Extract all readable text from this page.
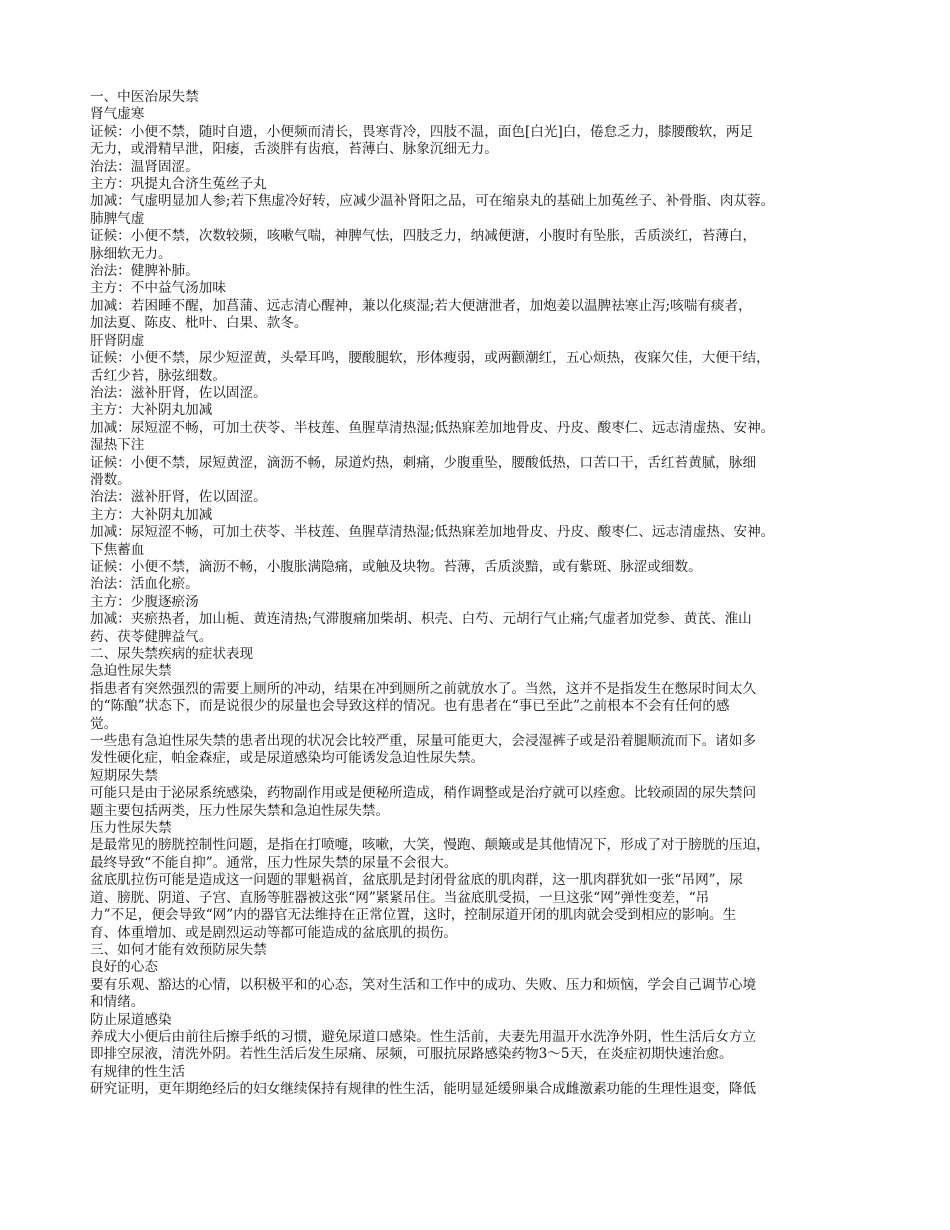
一、中医治尿失禁
肾气虚寒
证候：小便不禁，随时自遗，小便频而清长，畏寒背冷，四肢不温，面色[白光]白，倦怠乏力，膝腰酸软，两足
无力，或滑精早泄，阳痿，舌淡胖有齿痕，苔薄白、脉象沉细无力。
治法：温肾固涩。
主方：巩提丸合济生菟丝子丸
加减：气虚明显加人参;若下焦虚冷好转，应减少温补肾阳之品，可在缩泉丸的基础上加菟丝子、补骨脂、肉苁蓉。
肺脾气虚
证候：小便不禁，次数较频，咳嗽气喘，神脾气怯，四肢乏力，纳减便溏，小腹时有坠胀，舌质淡红，苔薄白，
脉细软无力。
治法：健脾补肺。
主方：不中益气汤加味
加减：若困睡不醒，加菖蒲、远志清心醒神，兼以化痰湿;若大便溏泄者，加炮姜以温脾祛寒止泻;咳喘有痰者，
加法夏、陈皮、枇叶、白果、款冬。
肝肾阴虚
证候：小便不禁，尿少短涩黄，头晕耳鸣，腰酸腿软，形体瘦弱，或两颧潮红，五心烦热，夜寐欠佳，大便干结，
舌红少苔，脉弦细数。
治法：滋补肝肾，佐以固涩。
主方：大补阴丸加减
加减：尿短涩不畅，可加土茯苓、半枝莲、鱼腥草清热湿;低热寐差加地骨皮、丹皮、酸枣仁、远志清虚热、安神。
湿热下注
证候：小便不禁，尿短黄涩，滴沥不畅，尿道灼热，刺痛，少腹重坠，腰酸低热，口苦口干，舌红苔黄腻，脉细
滑数。
治法：滋补肝肾，佐以固涩。
主方：大补阴丸加减
加减：尿短涩不畅，可加土茯苓、半枝莲、鱼腥草清热湿;低热寐差加地骨皮、丹皮、酸枣仁、远志清虚热、安神。
下焦蓄血
证候：小便不禁，滴沥不畅，小腹胀满隐痛，或触及块物。苔薄，舌质淡黯，或有紫斑、脉涩或细数。
治法：活血化瘀。
主方：少腹逐瘀汤
加减：夹瘀热者，加山栀、黄连清热;气滞腹痛加柴胡、枳壳、白芍、元胡行气止痛;气虚者加党参、黄芪、淮山
药、茯苓健脾益气。
二、尿失禁疾病的症状表现
急迫性尿失禁
指患者有突然强烈的需要上厕所的冲动，结果在冲到厕所之前就放水了。当然，这并不是指发生在憋尿时间太久
的“陈酿”状态下，而是说很少的尿量也会导致这样的情况。也有患者在“事已至此”之前根本不会有任何的感
觉。
一些患有急迫性尿失禁的患者出现的状况会比较严重，尿量可能更大，会浸湿裤子或是沿着腿顺流而下。诸如多
发性硬化症，帕金森症，或是尿道感染均可能诱发急迫性尿失禁。
短期尿失禁
可能只是由于泌尿系统感染，药物副作用或是便秘所造成，稍作调整或是治疗就可以痊愈。比较顽固的尿失禁问
题主要包括两类，压力性尿失禁和急迫性尿失禁。
压力性尿失禁
是最常见的膀胱控制性问题，是指在打喷嚏，咳嗽，大笑，慢跑、颠簸或是其他情况下，形成了对于膀胱的压迫，
最终导致“不能自抑”。通常，压力性尿失禁的尿量不会很大。
盆底肌拉伤可能是造成这一问题的罪魁祸首，盆底肌是封闭骨盆底的肌肉群，这一肌肉群犹如一张“吊网”，尿
道、膀胱、阴道、子宫、直肠等脏器被这张“网”紧紧吊住。当盆底肌受损，一旦这张“网”弹性变差，“吊
力”不足，便会导致“网”内的器官无法维持在正常位置，这时，控制尿道开闭的肌肉就会受到相应的影响。生
育、体重增加、或是剧烈运动等都可能造成的盆底肌的损伤。
三、如何才能有效预防尿失禁
良好的心态
要有乐观、豁达的心情，以积极平和的心态，笑对生活和工作中的成功、失败、压力和烦恼，学会自己调节心境
和情绪。
防止尿道感染
养成大小便后由前往后擦手纸的习惯，避免尿道口感染。性生活前，夫妻先用温开水洗净外阴，性生活后女方立
即排空尿液，清洗外阴。若性生活后发生尿痛、尿频，可服抗尿路感染药物3～5天，在炎症初期快速治愈。
有规律的性生活
研究证明，更年期绝经后的妇女继续保持有规律的性生活，能明显延缓卵巢合成雌激素功能的生理性退变，降低
